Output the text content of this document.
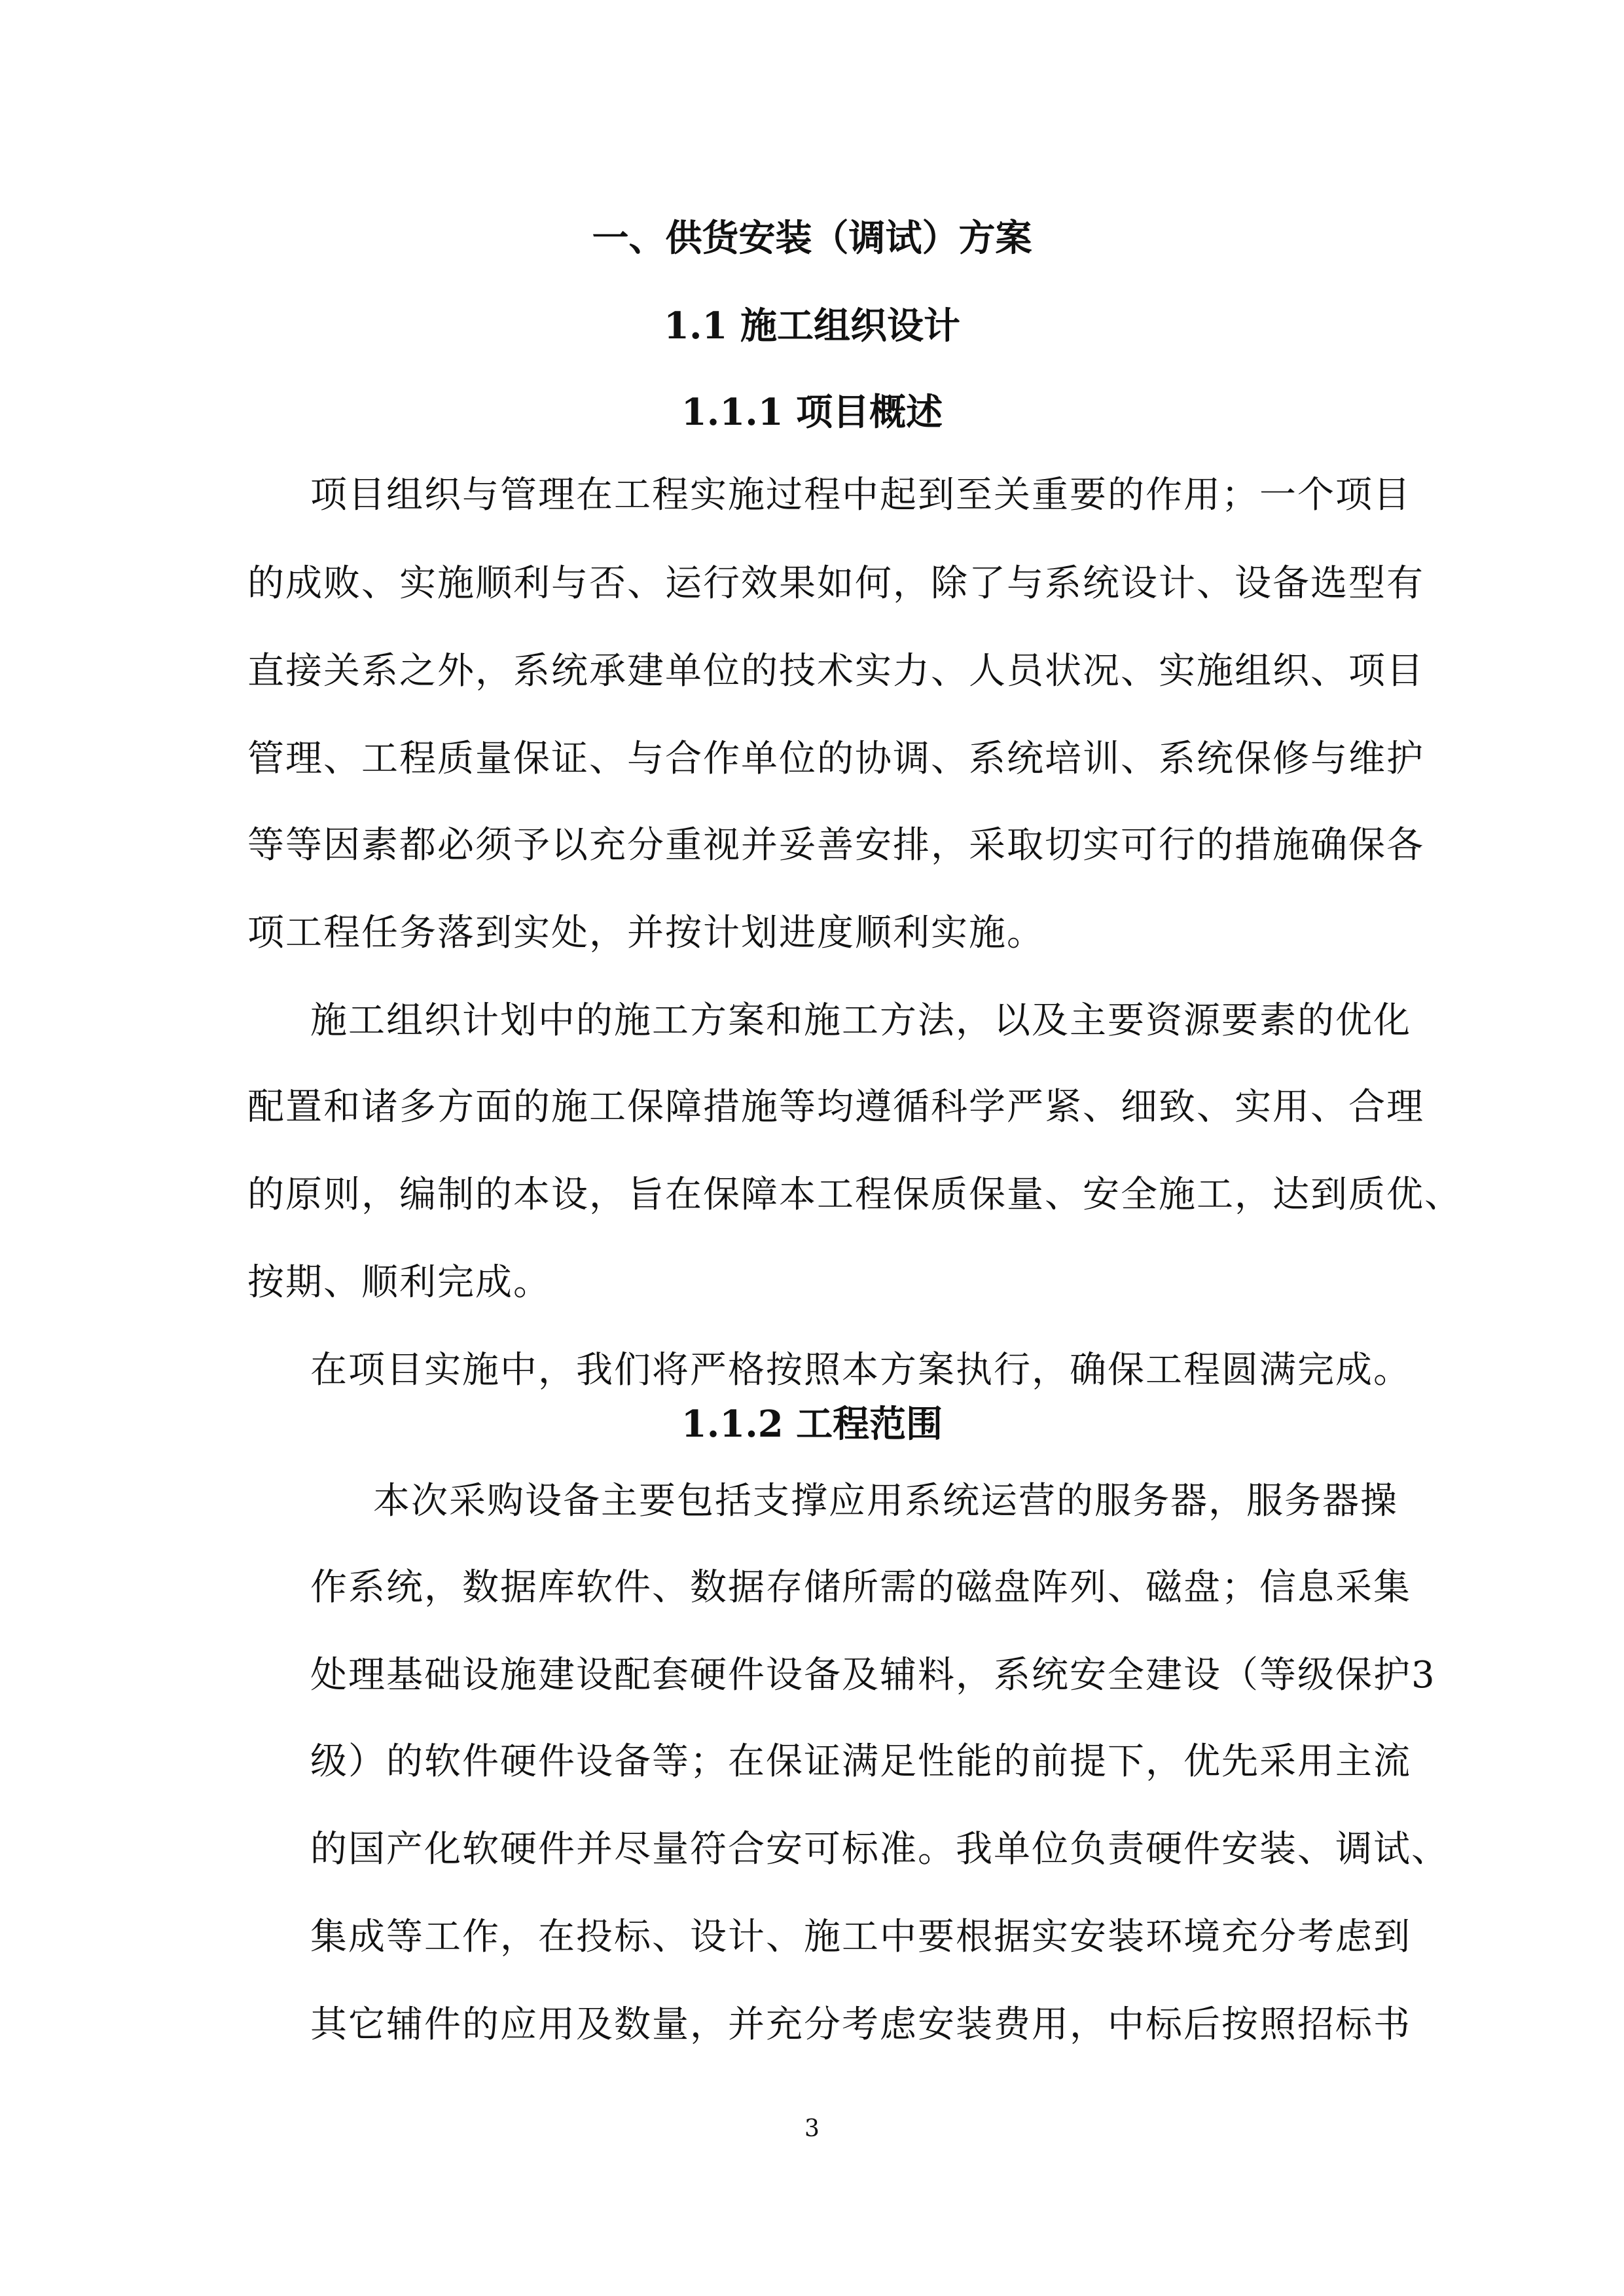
一、供货安装（调试）方案
1.1 施工组织设计
1.1.1 项目概述
项目组织与管理在工程实施过程中起到至关重要的作用；一个项目
的成败、实施顺利与否、运行效果如何，除了与系统设计、设备选型有
直接关系之外，系统承建单位的技术实力、人员状况、实施组织、项目
管理、工程质量保证、与合作单位的协调、系统培训、系统保修与维护
等等因素都必须予以充分重视并妥善安排，采取切实可行的措施确保各
项工程任务落到实处，并按计划进度顺利实施。
施工组织计划中的施工方案和施工方法，以及主要资源要素的优化
配置和诸多方面的施工保障措施等均遵循科学严紧、细致、实用、合理
的原则，编制的本设，旨在保障本工程保质保量、安全施工，达到质优、
按期、顺利完成。
在项目实施中，我们将严格按照本方案执行，确保工程圆满完成。
1.1.2 工程范围
本次采购设备主要包括支撑应用系统运营的服务器，服务器操
作系统，数据库软件、数据存储所需的磁盘阵列、磁盘；信息采集
处理基础设施建设配套硬件设备及辅料，系统安全建设（等级保护3
级）的软件硬件设备等；在保证满足性能的前提下，优先采用主流
的国产化软硬件并尽量符合安可标准。我单位负责硬件安装、调试、
集成等工作，在投标、设计、施工中要根据实安装环境充分考虑到
其它辅件的应用及数量，并充分考虑安装费用，中标后按照招标书
3
